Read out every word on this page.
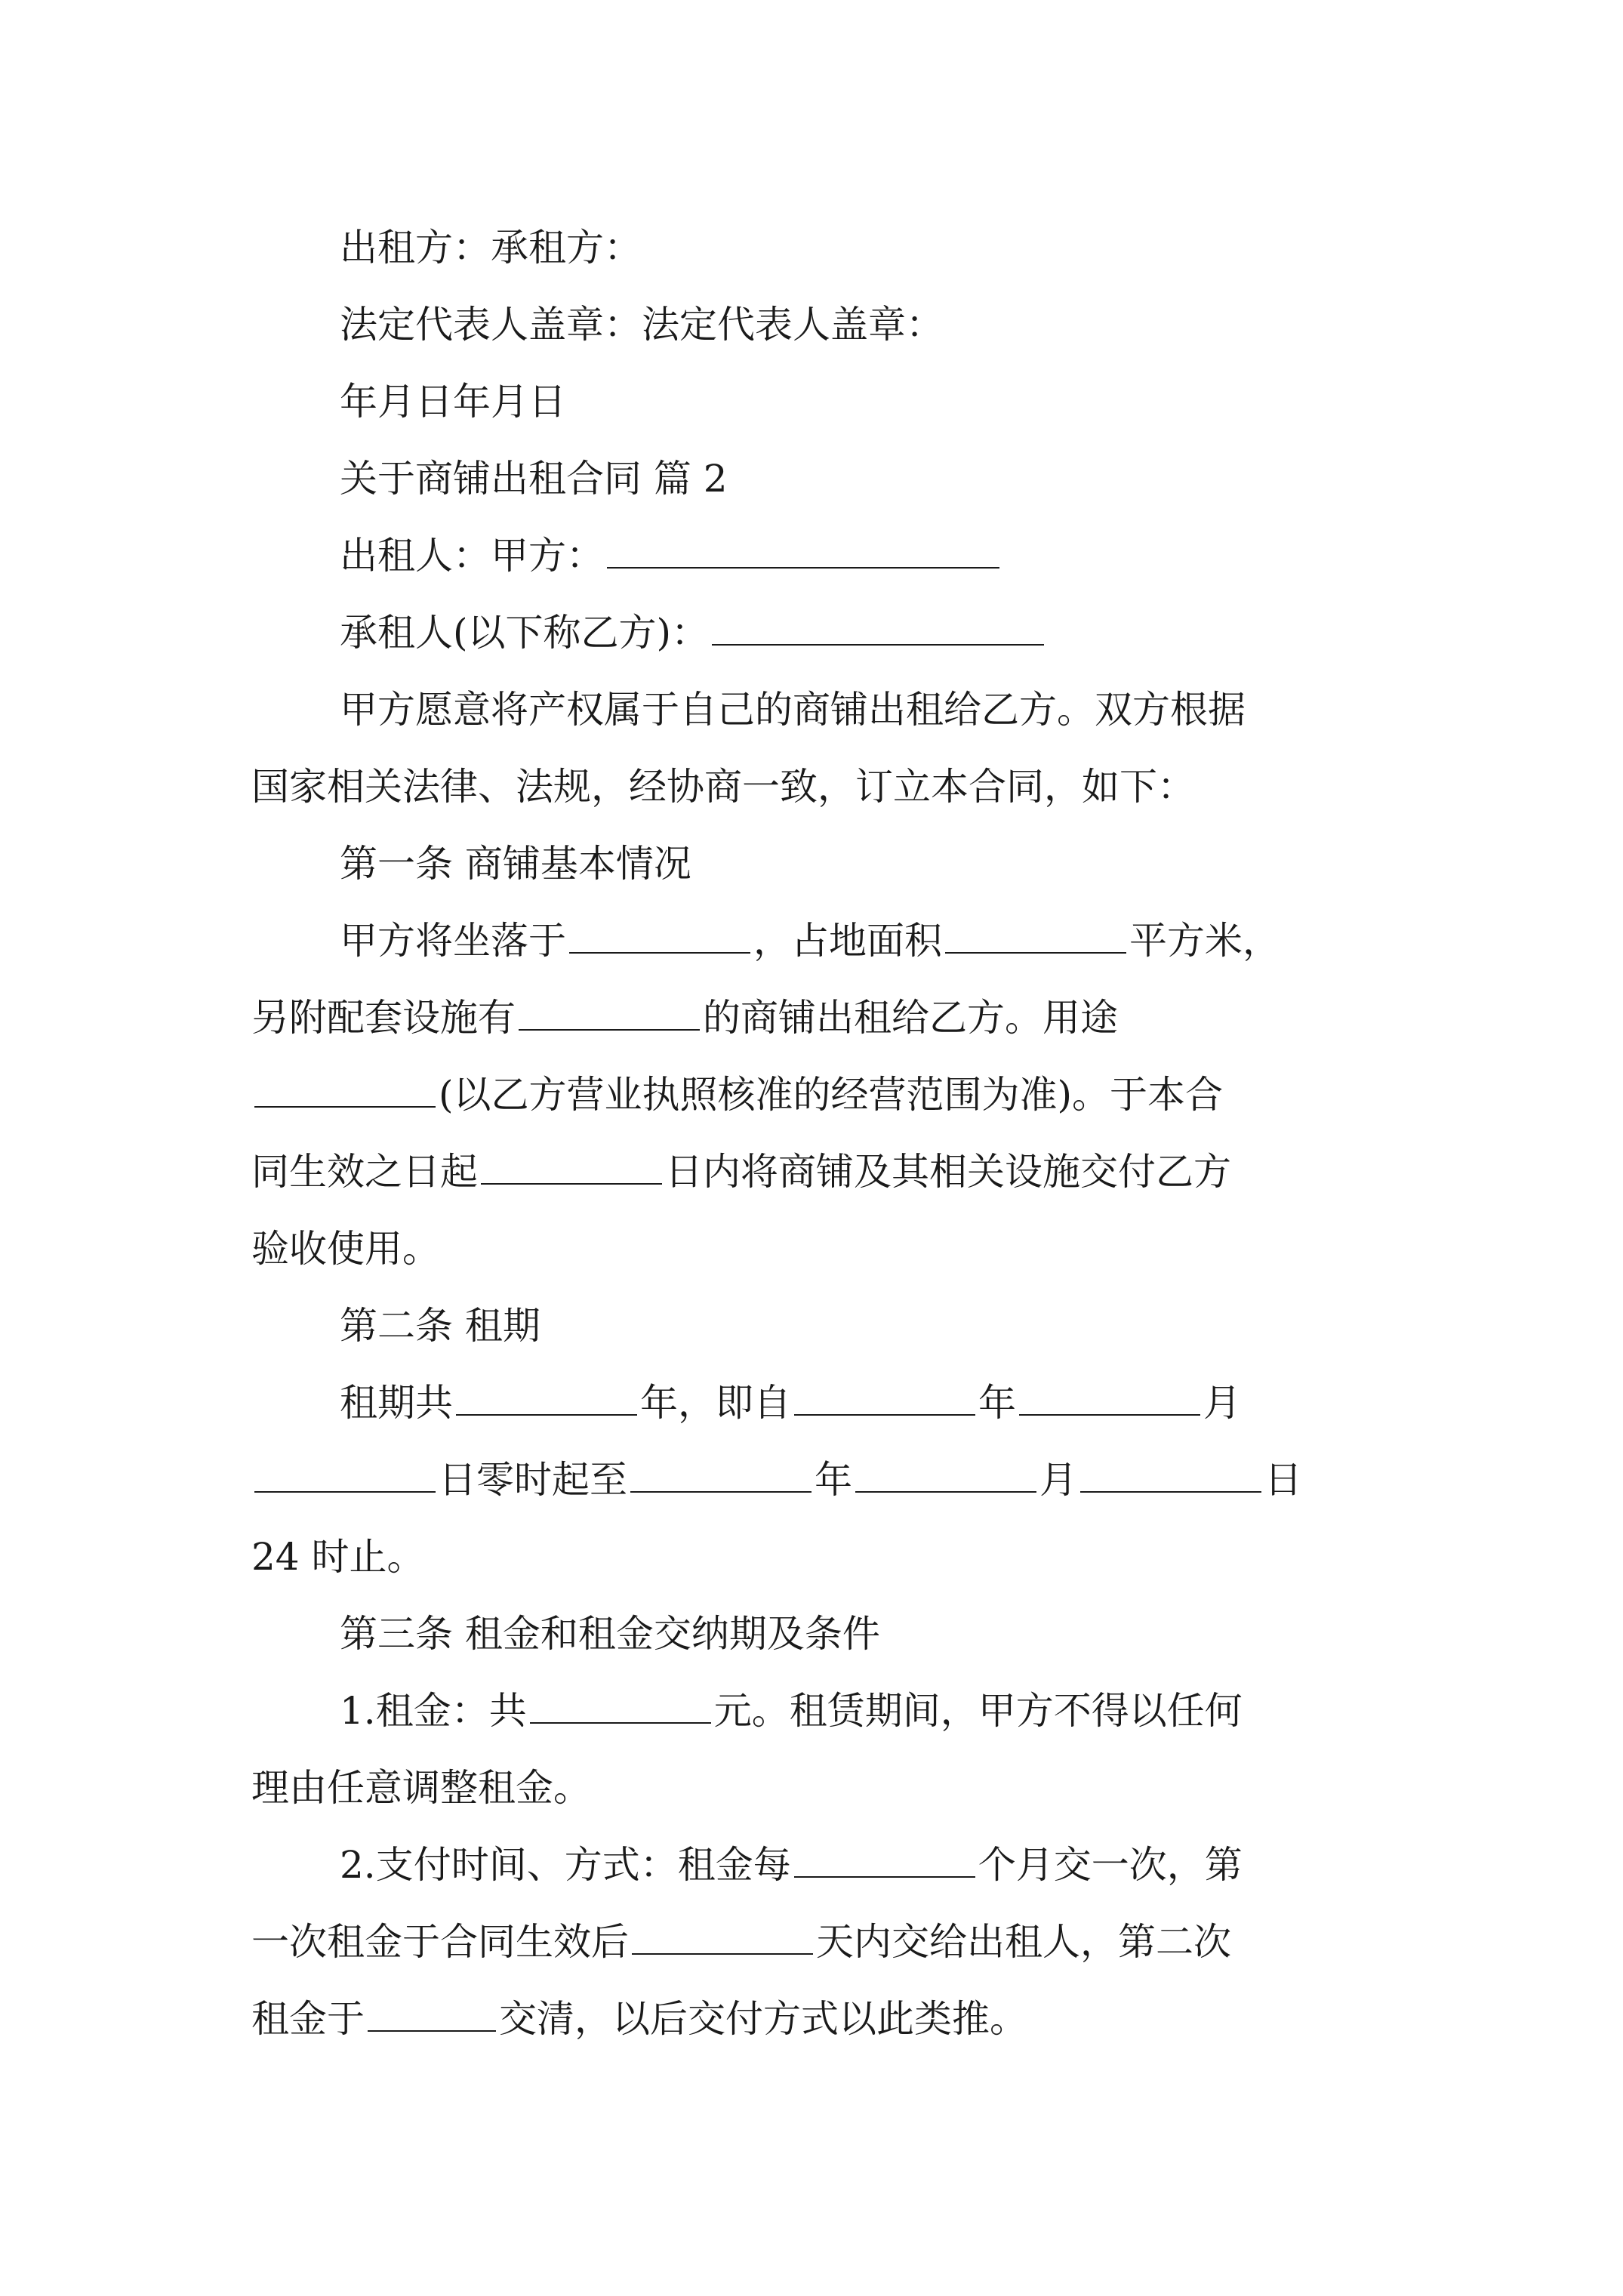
出租方：承租方：
法定代表人盖章：法定代表人盖章：
年月日年月日
关于商铺出租合同 篇 2
出租人：甲方：
承租人(以下称乙方)：
甲方愿意将产权属于自己的商铺出租给乙方。双方根据
国家相关法律、法规，经协商一致，订立本合同，如下：
第一条 商铺基本情况
甲方将坐落于	，占地面积	平方米，
另附配套设施有	的商铺出租给乙方。用途
(以乙方营业执照核准的经营范围为准)。于本合
同生效之日起	日内将商铺及其相关设施交付乙方
验收使用。
第二条 租期
租期共	年，即自	年	月
日零时起至	年	月	日
24 时止。
第三条 租金和租金交纳期及条件
1.租金：共	元。租赁期间，甲方不得以任何
理由任意调整租金。
2.支付时间、方式：租金每	个月交一次，第
一次租金于合同生效后	天内交给出租人，第二次
租金于	交清，以后交付方式以此类推。
